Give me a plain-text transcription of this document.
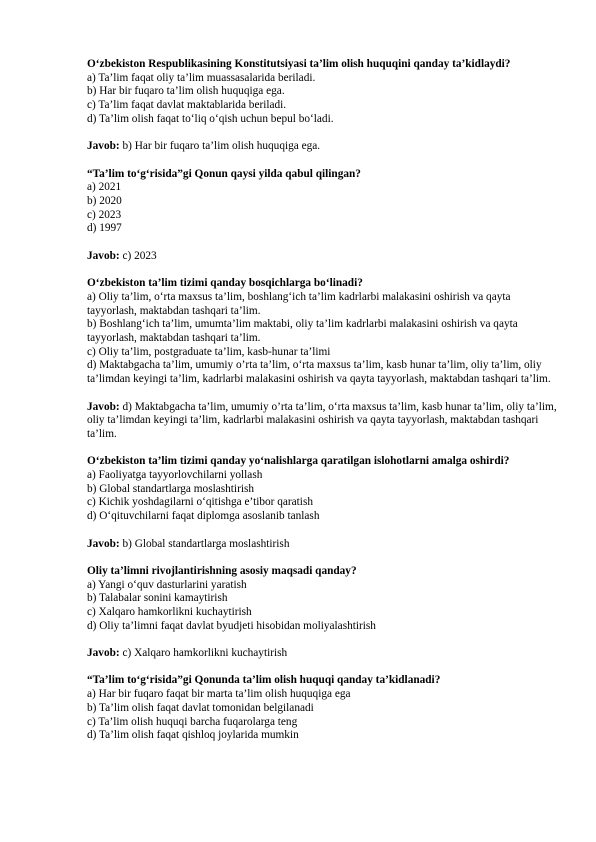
O‘zbekiston Respublikasining Konstitutsiyasi ta’lim olish huquqini qanday ta’kidlaydi?

a) Ta’lim faqat oliy ta’lim muassasalarida beriladi.

b) Har bir fuqaro ta’lim olish huquqiga ega.

c) Ta’lim faqat davlat maktablarida beriladi.

d) Ta’lim olish faqat to‘liq o‘qish uchun bepul bo‘ladi.

Javob: b) Har bir fuqaro ta’lim olish huquqiga ega.

“Ta’lim to‘g‘risida”gi Qonun qaysi yilda qabul qilingan?

a) 2021

b) 2020

c) 2023

d) 1997

Javob: c) 2023

O‘zbekiston ta’lim tizimi qanday bosqichlarga bo‘linadi?

a) Oliy ta’lim, o‘rta maxsus ta’lim, boshlang‘ich ta’lim kadrlarbi malakasini oshirish va qayta tayyorlash, maktabdan tashqari ta’lim.

b) Boshlang‘ich ta’lim, umumta’lim maktabi, oliy ta’lim kadrlarbi malakasini oshirish va qayta tayyorlash, maktabdan tashqari ta’lim.

c) Oliy ta’lim, postgraduate ta’lim, kasb-hunar ta’limi

d) Maktabgacha ta’lim, umumiy o’rta ta’lim, o‘rta maxsus ta’lim, kasb hunar ta’lim, oliy ta’lim, oliy ta’limdan keyingi ta’lim, kadrlarbi malakasini oshirish va qayta tayyorlash, maktabdan tashqari ta’lim.

Javob: d) Maktabgacha ta’lim, umumiy o’rta ta’lim, o‘rta maxsus ta’lim, kasb hunar ta’lim, oliy ta’lim, oliy ta’limdan keyingi ta’lim, kadrlarbi malakasini oshirish va qayta tayyorlash, maktabdan tashqari ta’lim.

O‘zbekiston ta’lim tizimi qanday yo‘nalishlarga qaratilgan islohotlarni amalga oshirdi?

a) Faoliyatga tayyorlovchilarni yollash

b) Global standartlarga moslashtirish

c) Kichik yoshdagilarni o‘qitishga e’tibor qaratish

d) O‘qituvchilarni faqat diplomga asoslanib tanlash

Javob: b) Global standartlarga moslashtirish

Oliy ta’limni rivojlantirishning asosiy maqsadi qanday?

a) Yangi o‘quv dasturlarini yaratish

b) Talabalar sonini kamaytirish

c) Xalqaro hamkorlikni kuchaytirish

d) Oliy ta’limni faqat davlat byudjeti hisobidan moliyalashtirish

Javob: c) Xalqaro hamkorlikni kuchaytirish

“Ta’lim to‘g‘risida”gi Qonunda ta’lim olish huquqi qanday ta’kidlanadi?

a) Har bir fuqaro faqat bir marta ta’lim olish huquqiga ega

b) Ta’lim olish faqat davlat tomonidan belgilanadi

c) Ta’lim olish huquqi barcha fuqarolarga teng

d) Ta’lim olish faqat qishloq joylarida mumkin
